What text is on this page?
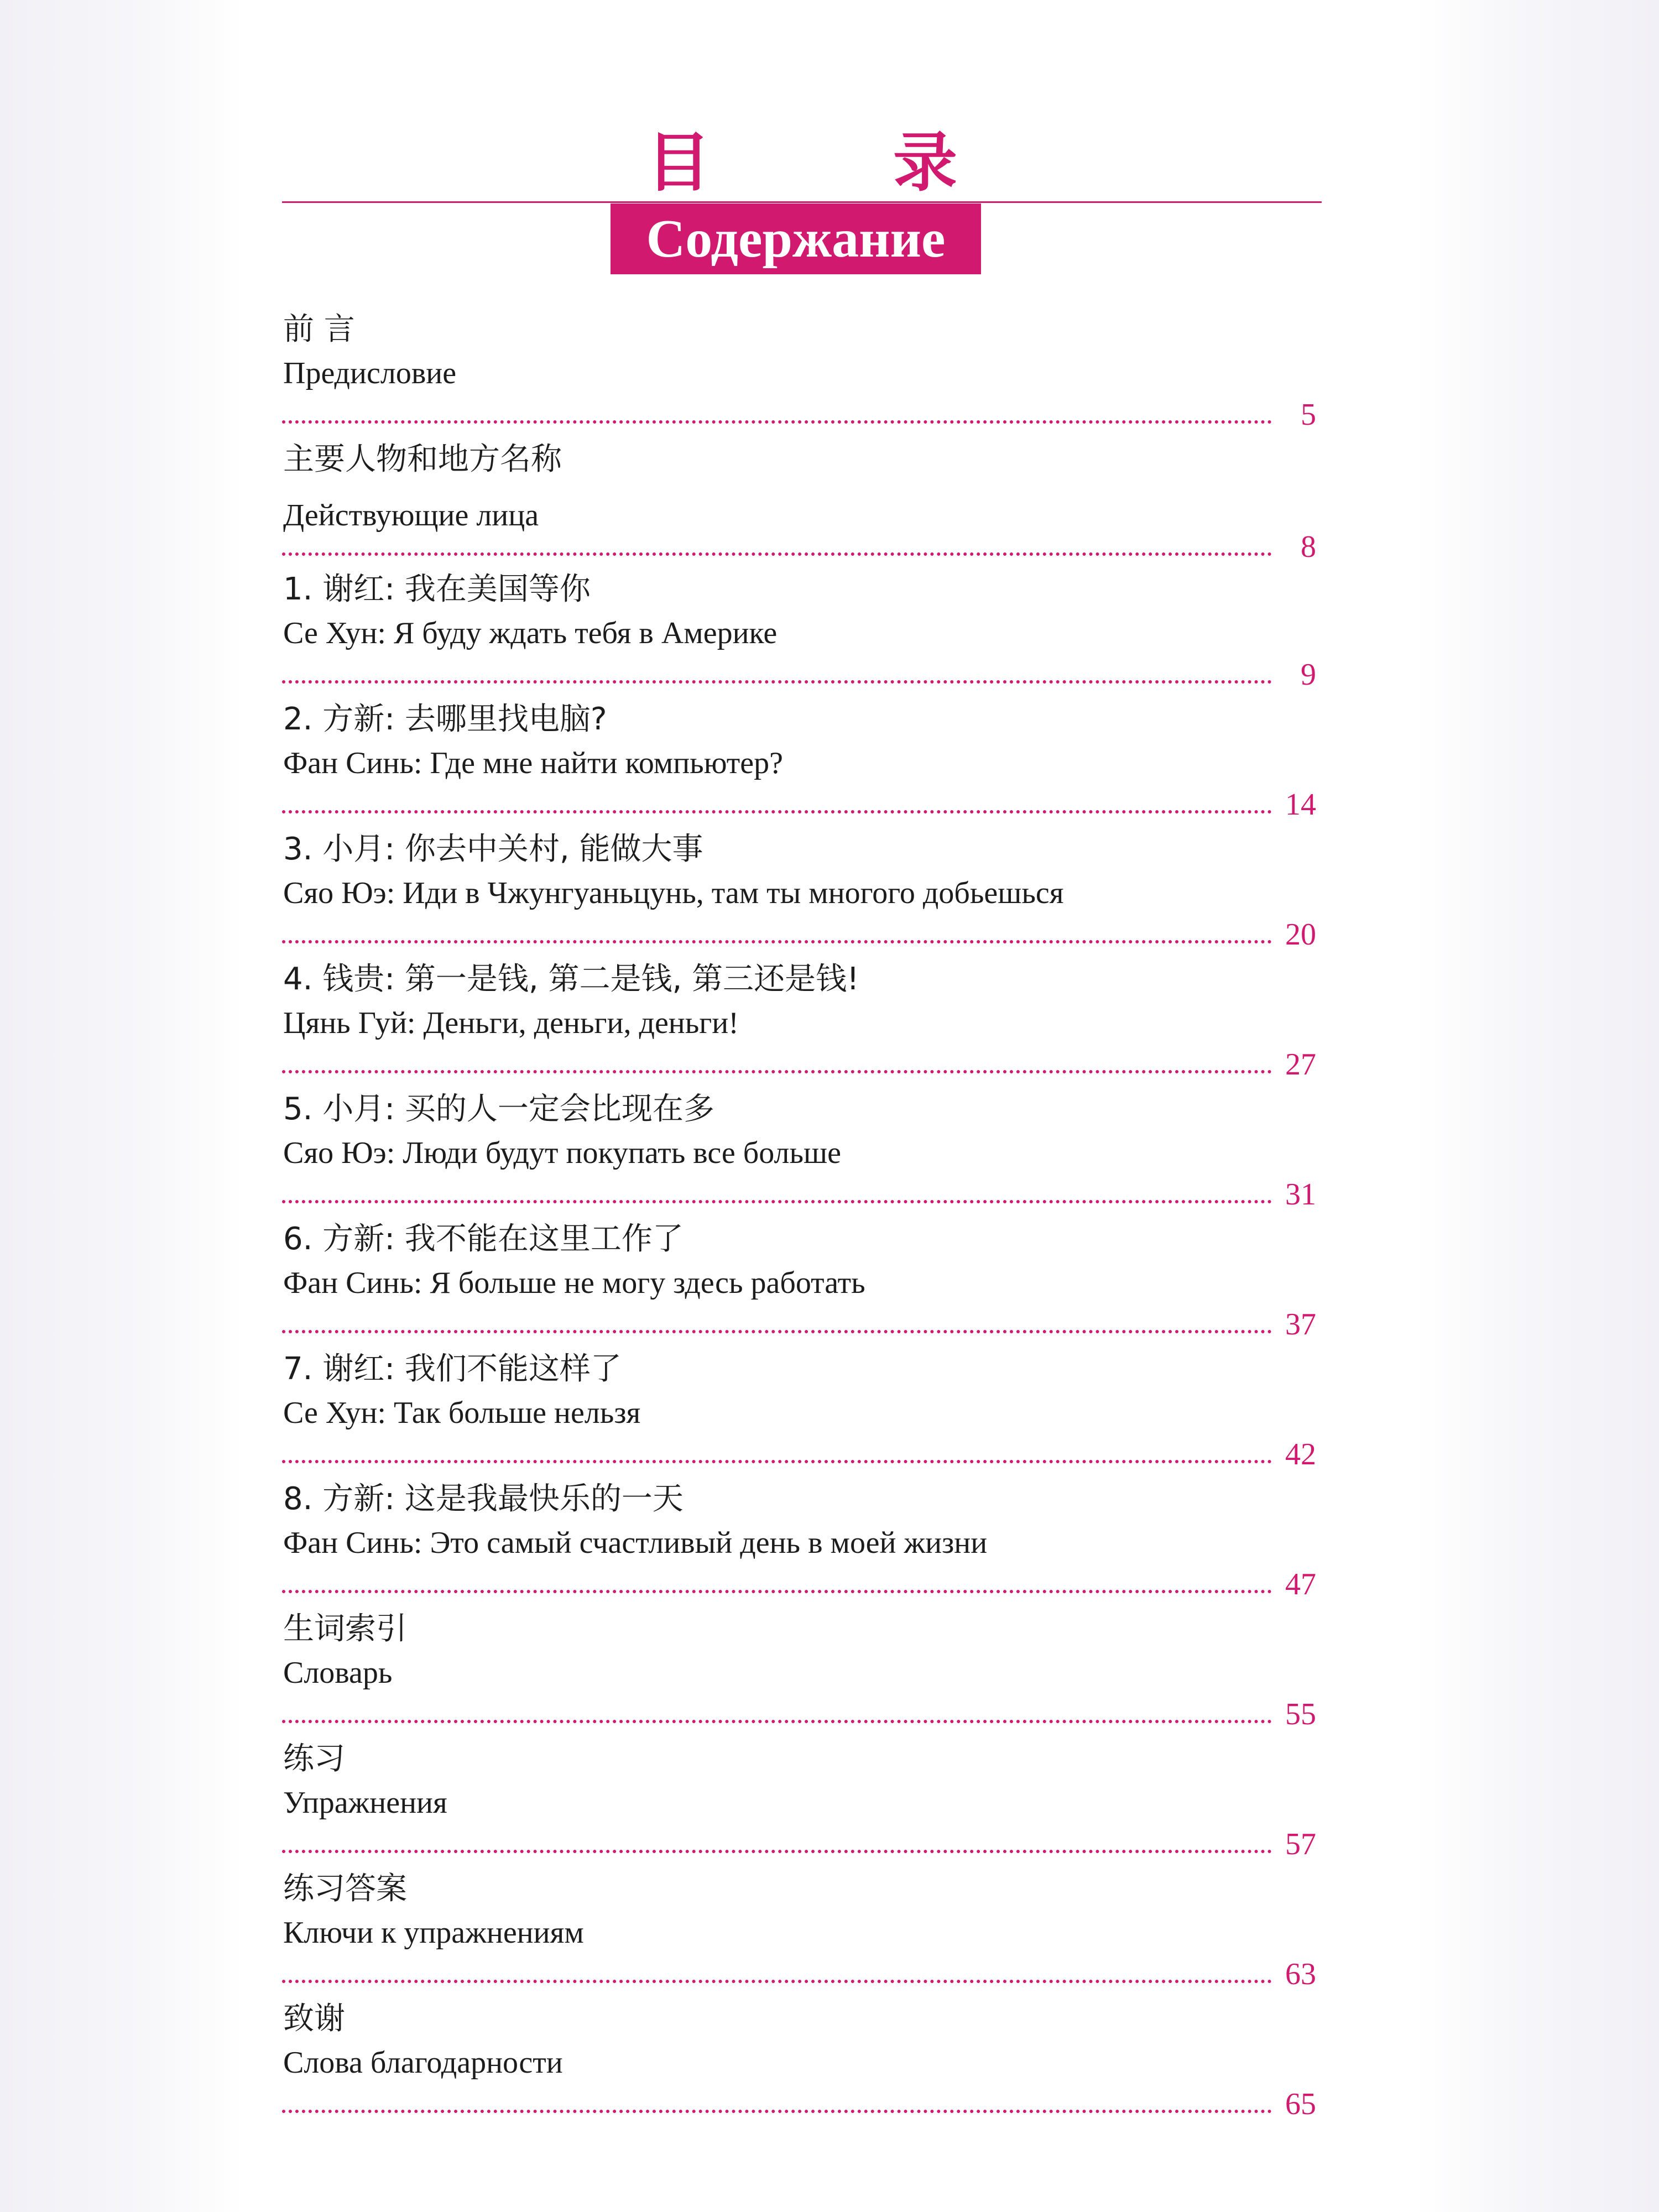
目录
Содержание
前 言
Предисловие
5
主要人物和地方名称
Действующие лица
8
1. 谢红: 我在美国等你
Се Хун: Я буду ждать тебя в Америке
9
2. 方新: 去哪里找电脑?
Фан Синь: Где мне найти компьютер?
14
3. 小月: 你去中关村, 能做大事
Сяо Юэ: Иди в Чжунгуаньцунь, там ты многого добьешься
20
4. 钱贵: 第一是钱, 第二是钱, 第三还是钱!
Цянь Гуй: Деньги, деньги, деньги!
27
5. 小月: 买的人一定会比现在多
Сяо Юэ: Люди будут покупать все больше
31
6. 方新: 我不能在这里工作了
Фан Синь: Я больше не могу здесь работать
37
7. 谢红: 我们不能这样了
Се Хун: Так больше нельзя
42
8. 方新: 这是我最快乐的一天
Фан Синь: Это самый счастливый день в моей жизни
47
生词索引
Словарь
55
练习
Упражнения
57
练习答案
Ключи к упражнениям
63
致谢
Слова благодарности
65
